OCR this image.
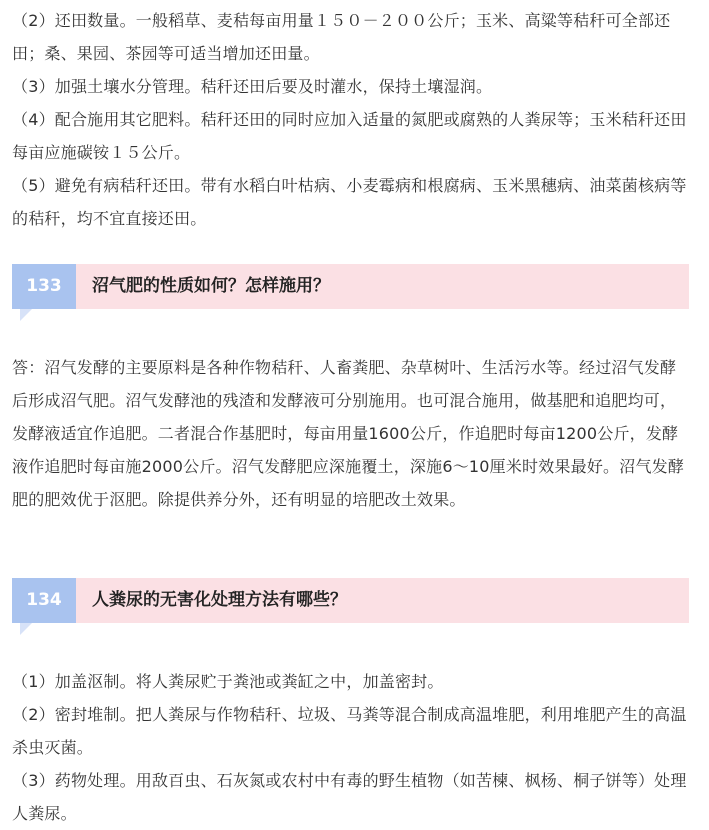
（2）还田数量。一般稻草、麦秸每亩用量１５０－２００公斤；玉米、高粱等秸秆可全部还田；桑、果园、茶园等可适当增加还田量。

（3）加强土壤水分管理。秸秆还田后要及时灌水，保持土壤湿润。

（4）配合施用其它肥料。秸秆还田的同时应加入适量的氮肥或腐熟的人粪尿等；玉米秸秆还田每亩应施碳铵１５公斤。

（5）避免有病秸秆还田。带有水稻白叶枯病、小麦霉病和根腐病、玉米黑穗病、油菜菌核病等的秸秆，均不宜直接还田。

133	沼气肥的性质如何？怎样施用？

答：沼气发酵的主要原料是各种作物秸秆、人畜粪肥、杂草树叶、生活污水等。经过沼气发酵后形成沼气肥。沼气发酵池的残渣和发酵液可分别施用。也可混合施用，做基肥和追肥均可，发酵液适宜作追肥。二者混合作基肥时，每亩用量1600公斤，作追肥时每亩1200公斤，发酵液作追肥时每亩施2000公斤。沼气发酵肥应深施覆土，深施6～10厘米时效果最好。沼气发酵肥的肥效优于沤肥。除提供养分外，还有明显的培肥改土效果。

134	人粪尿的无害化处理方法有哪些？

（1）加盖沤制。将人粪尿贮于粪池或粪缸之中，加盖密封。

（2）密封堆制。把人粪尿与作物秸秆、垃圾、马粪等混合制成高温堆肥，利用堆肥产生的高温杀虫灭菌。

（3）药物处理。用敌百虫、石灰氮或农村中有毒的野生植物（如苦楝、枫杨、桐子饼等）处理人粪尿。
